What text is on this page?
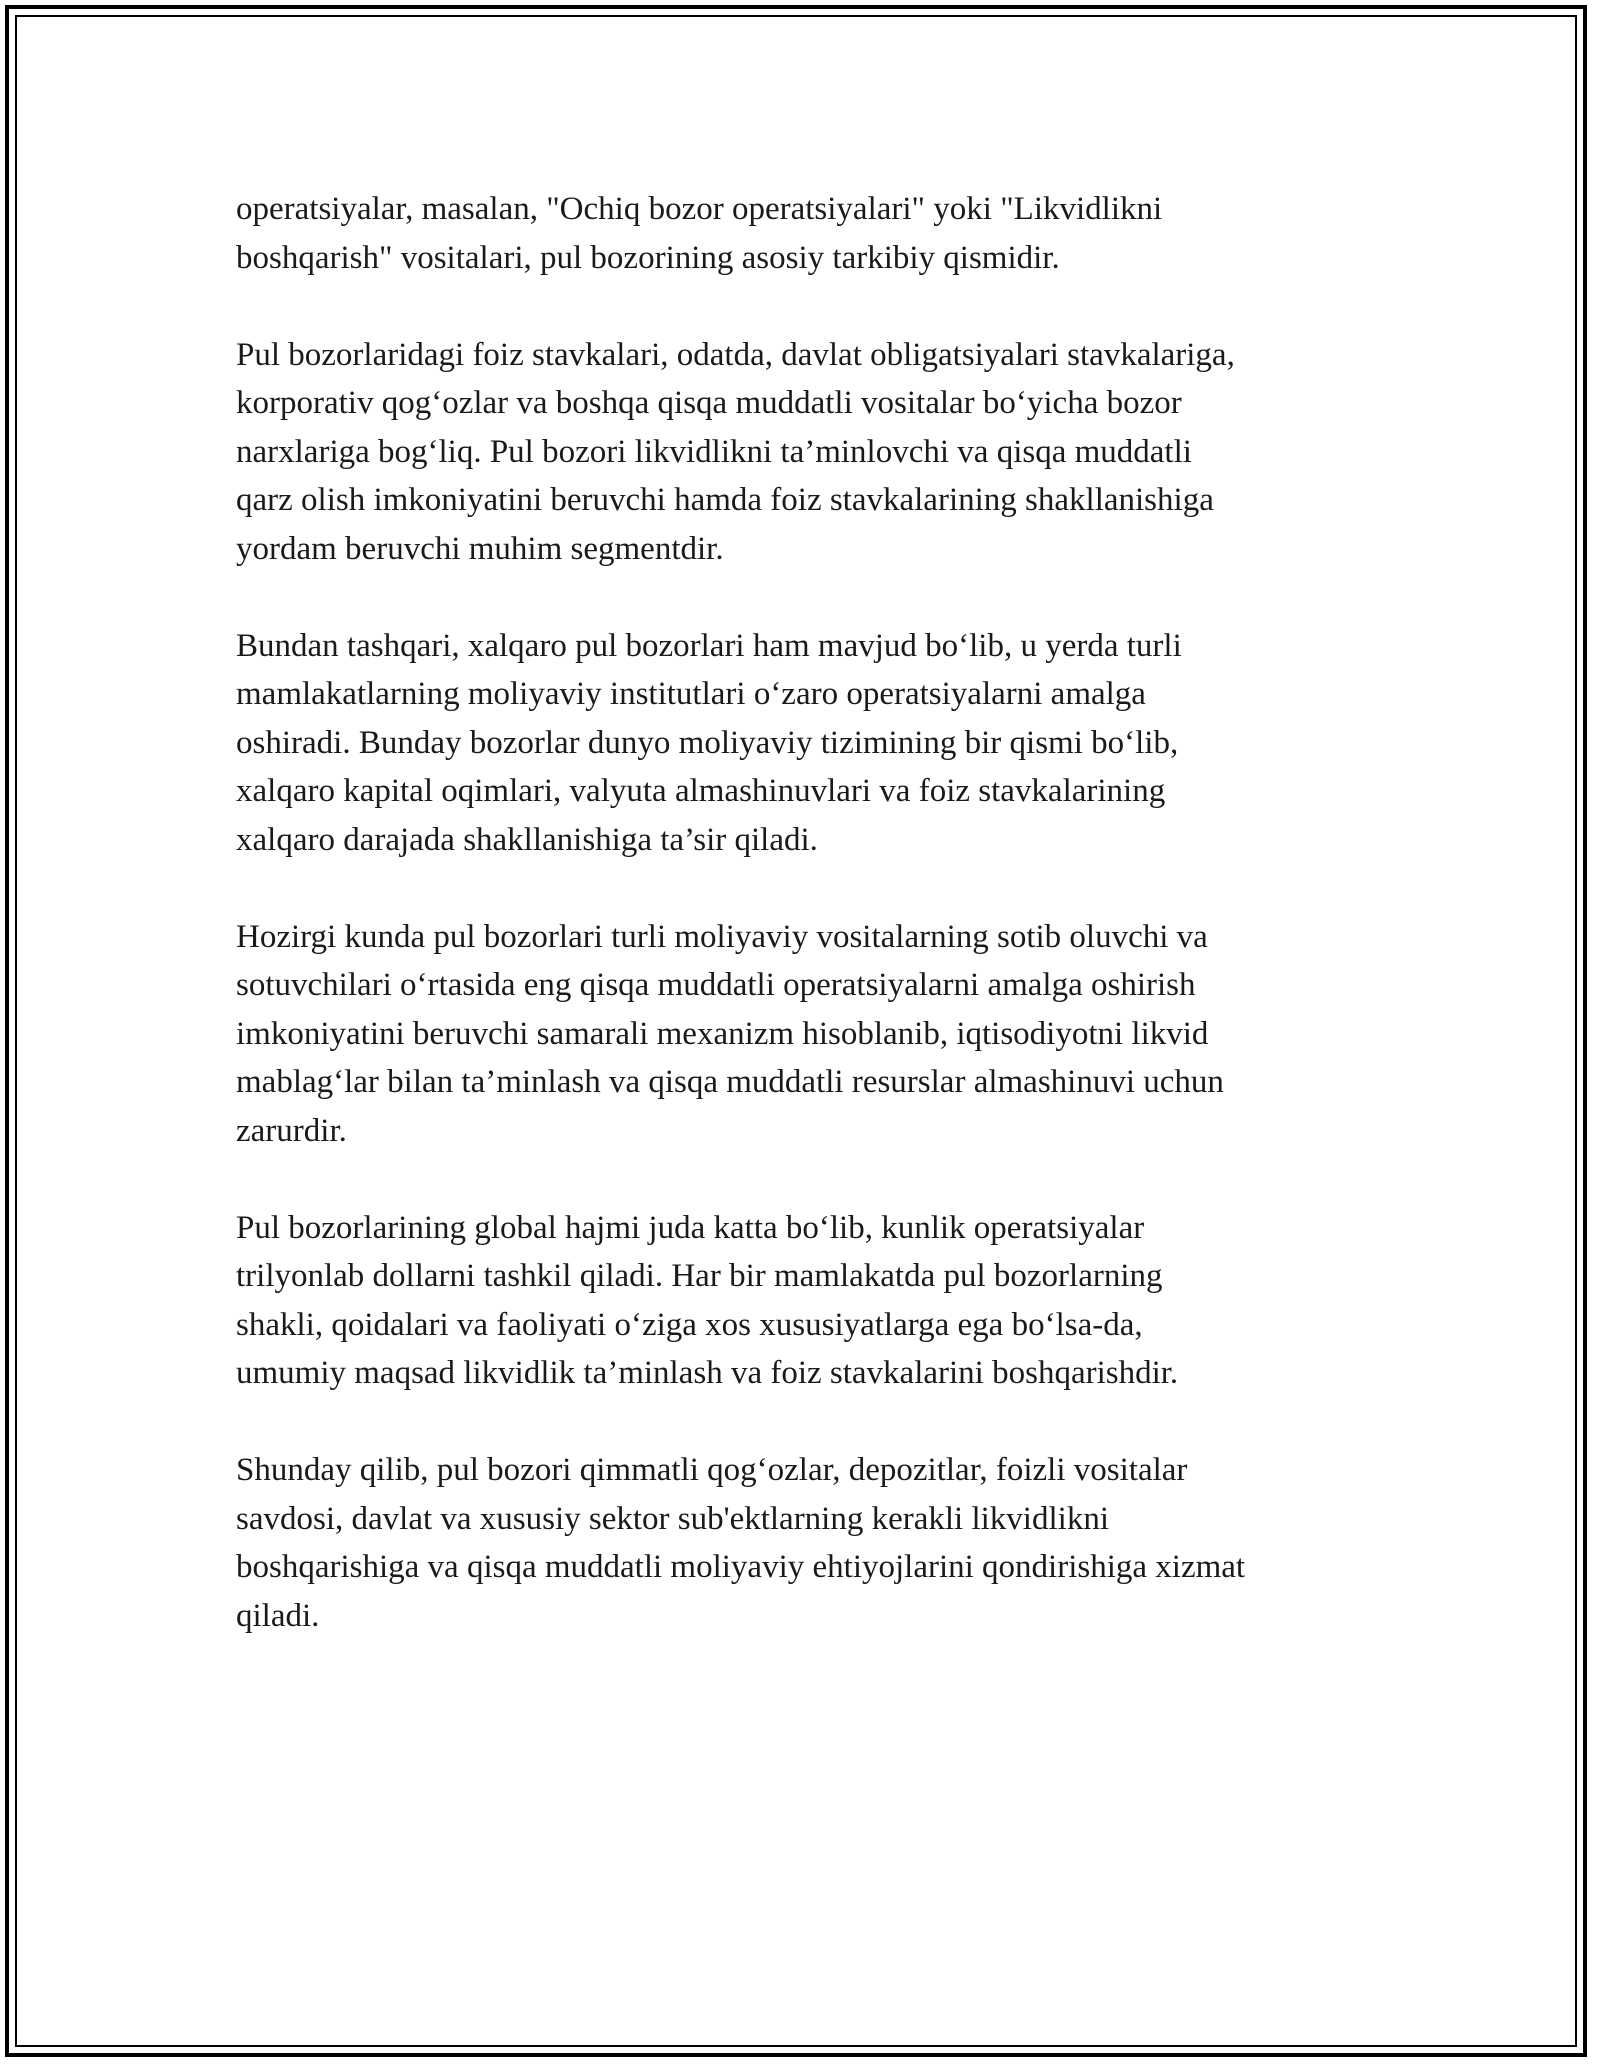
operatsiyalar, masalan, "Ochiq bozor operatsiyalari" yoki "Likvidlikni
boshqarish" vositalari, pul bozorining asosiy tarkibiy qismidir.

Pul bozorlaridagi foiz stavkalari, odatda, davlat obligatsiyalari stavkalariga,
korporativ qog‘ozlar va boshqa qisqa muddatli vositalar bo‘yicha bozor
narxlariga bog‘liq. Pul bozori likvidlikni ta’minlovchi va qisqa muddatli
qarz olish imkoniyatini beruvchi hamda foiz stavkalarining shakllanishiga
yordam beruvchi muhim segmentdir.

Bundan tashqari, xalqaro pul bozorlari ham mavjud bo‘lib, u yerda turli
mamlakatlarning moliyaviy institutlari o‘zaro operatsiyalarni amalga
oshiradi. Bunday bozorlar dunyo moliyaviy tizimining bir qismi bo‘lib,
xalqaro kapital oqimlari, valyuta almashinuvlari va foiz stavkalarining
xalqaro darajada shakllanishiga ta’sir qiladi.

Hozirgi kunda pul bozorlari turli moliyaviy vositalarning sotib oluvchi va
sotuvchilari o‘rtasida eng qisqa muddatli operatsiyalarni amalga oshirish
imkoniyatini beruvchi samarali mexanizm hisoblanib, iqtisodiyotni likvid
mablag‘lar bilan ta’minlash va qisqa muddatli resurslar almashinuvi uchun
zarurdir.

Pul bozorlarining global hajmi juda katta bo‘lib, kunlik operatsiyalar
trilyonlab dollarni tashkil qiladi. Har bir mamlakatda pul bozorlarning
shakli, qoidalari va faoliyati o‘ziga xos xususiyatlarga ega bo‘lsa-da,
umumiy maqsad likvidlik ta’minlash va foiz stavkalarini boshqarishdir.

Shunday qilib, pul bozori qimmatli qog‘ozlar, depozitlar, foizli vositalar
savdosi, davlat va xususiy sektor sub'ektlarning kerakli likvidlikni
boshqarishiga va qisqa muddatli moliyaviy ehtiyojlarini qondirishiga xizmat
qiladi.
